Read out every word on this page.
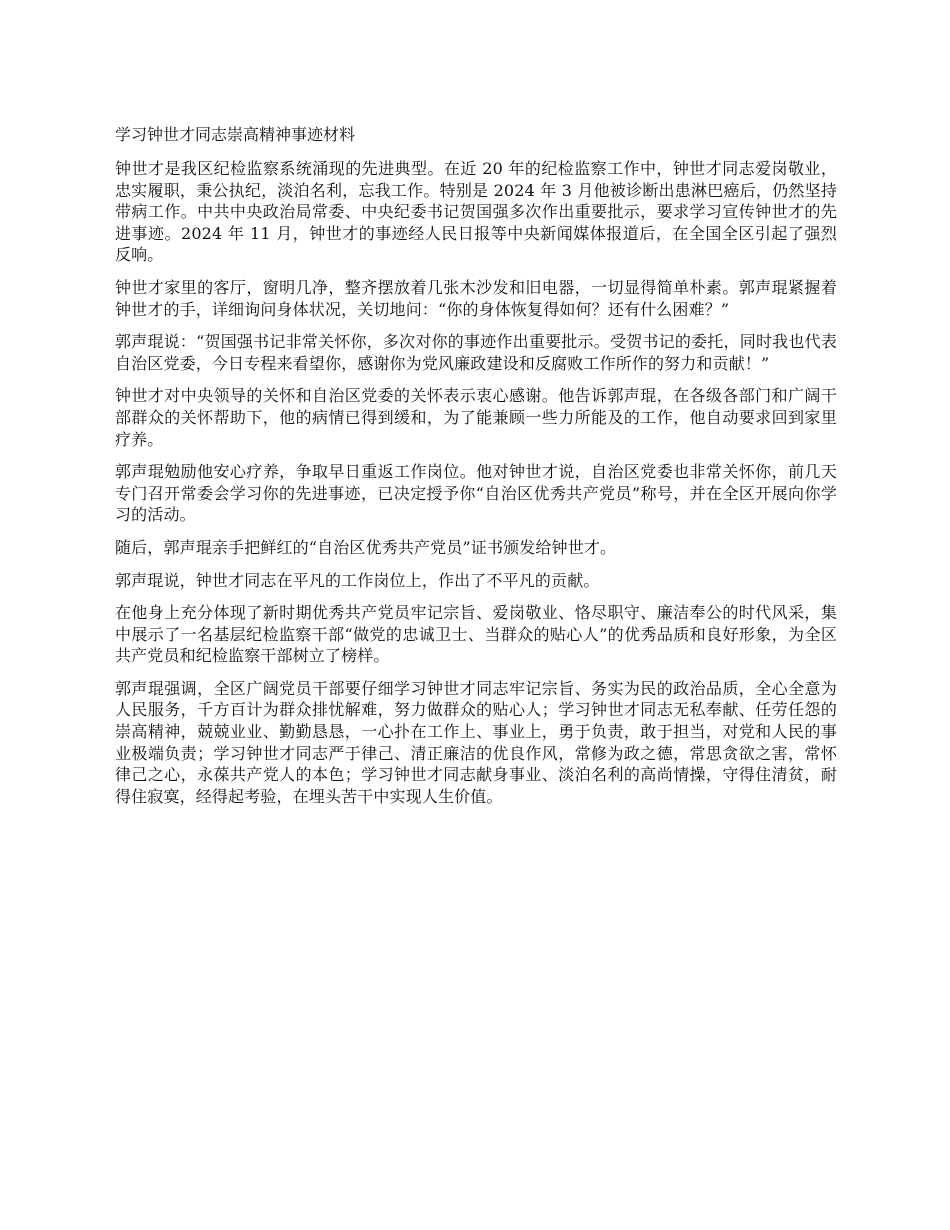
学习钟世才同志崇高精神事迹材料

钟世才是我区纪检监察系统涌现的先进典型。在近 20 年的纪检监察工作中，钟世才同志爱岗敬业，忠实履职，秉公执纪，淡泊名利，忘我工作。特别是 2024 年 3 月他被诊断出患淋巴癌后，仍然坚持带病工作。中共中央政治局常委、中央纪委书记贺国强多次作出重要批示，要求学习宣传钟世才的先进事迹。2024 年 11 月，钟世才的事迹经人民日报等中央新闻媒体报道后，在全国全区引起了强烈反响。

钟世才家里的客厅，窗明几净，整齐摆放着几张木沙发和旧电器，一切显得简单朴素。郭声琨紧握着钟世才的手，详细询问身体状况，关切地问：“你的身体恢复得如何？还有什么困难？”

郭声琨说：“贺国强书记非常关怀你，多次对你的事迹作出重要批示。受贺书记的委托，同时我也代表自治区党委，今日专程来看望你，感谢你为党风廉政建设和反腐败工作所作的努力和贡献！”

钟世才对中央领导的关怀和自治区党委的关怀表示衷心感谢。他告诉郭声琨，在各级各部门和广阔干部群众的关怀帮助下，他的病情已得到缓和，为了能兼顾一些力所能及的工作，他自动要求回到家里疗养。

郭声琨勉励他安心疗养，争取早日重返工作岗位。他对钟世才说，自治区党委也非常关怀你，前几天专门召开常委会学习你的先进事迹，已决定授予你“自治区优秀共产党员”称号，并在全区开展向你学习的活动。

随后，郭声琨亲手把鲜红的“自治区优秀共产党员”证书颁发给钟世才。

郭声琨说，钟世才同志在平凡的工作岗位上，作出了不平凡的贡献。

在他身上充分体现了新时期优秀共产党员牢记宗旨、爱岗敬业、恪尽职守、廉洁奉公的时代风采，集中展示了一名基层纪检监察干部“做党的忠诚卫士、当群众的贴心人”的优秀品质和良好形象，为全区共产党员和纪检监察干部树立了榜样。

郭声琨强调，全区广阔党员干部要仔细学习钟世才同志牢记宗旨、务实为民的政治品质，全心全意为人民服务，千方百计为群众排忧解难，努力做群众的贴心人；学习钟世才同志无私奉献、任劳任怨的崇高精神，兢兢业业、勤勤恳恳，一心扑在工作上、事业上，勇于负责，敢于担当，对党和人民的事业极端负责；学习钟世才同志严于律己、清正廉洁的优良作风，常修为政之德，常思贪欲之害，常怀律己之心，永葆共产党人的本色；学习钟世才同志献身事业、淡泊名利的高尚情操，守得住清贫，耐得住寂寞，经得起考验，在埋头苦干中实现人生价值。
